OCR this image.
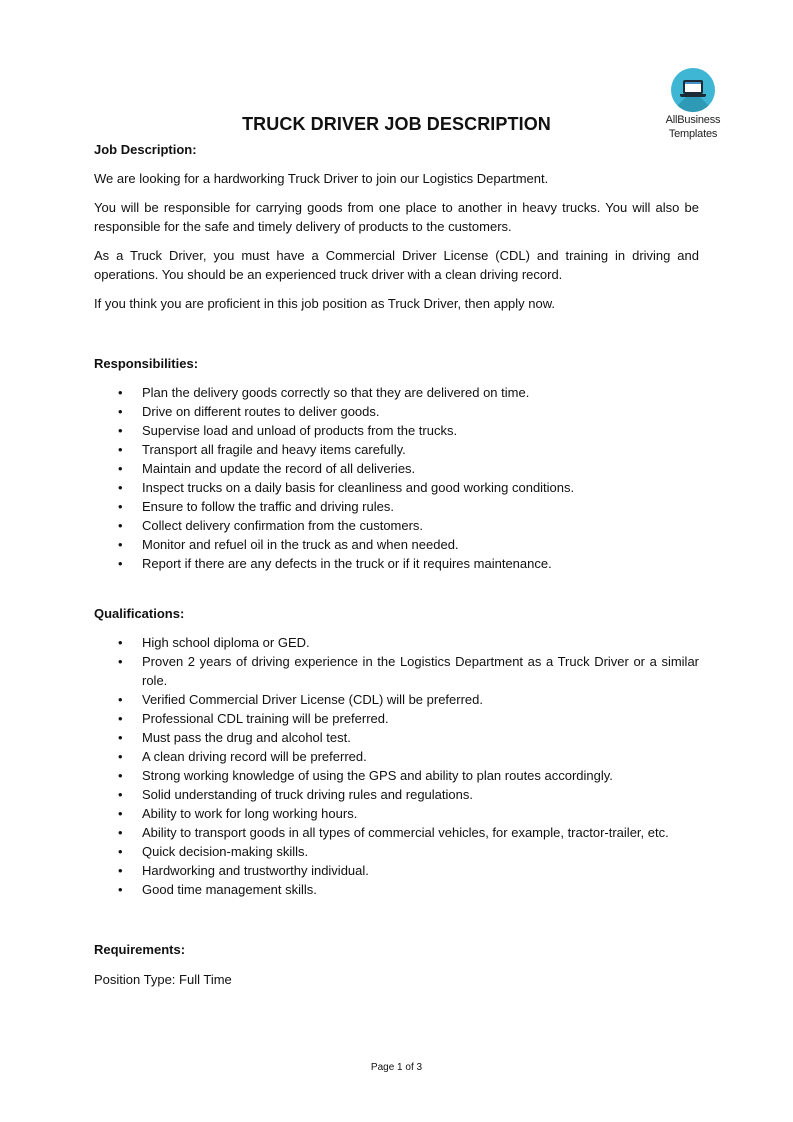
AllBusiness
Templates
TRUCK DRIVER JOB DESCRIPTION

Job Description:

We are looking for a hardworking Truck Driver to join our Logistics Department.

You will be responsible for carrying goods from one place to another in heavy trucks. You will also be responsible for the safe and timely delivery of products to the customers.

As a Truck Driver, you must have a Commercial Driver License (CDL) and training in driving and operations. You should be an experienced truck driver with a clean driving record.

If you think you are proficient in this job position as Truck Driver, then apply now.

Responsibilities:

• Plan the delivery goods correctly so that they are delivered on time.
• Drive on different routes to deliver goods.
• Supervise load and unload of products from the trucks.
• Transport all fragile and heavy items carefully.
• Maintain and update the record of all deliveries.
• Inspect trucks on a daily basis for cleanliness and good working conditions.
• Ensure to follow the traffic and driving rules.
• Collect delivery confirmation from the customers.
• Monitor and refuel oil in the truck as and when needed.
• Report if there are any defects in the truck or if it requires maintenance.

Qualifications:

• High school diploma or GED.
• Proven 2 years of driving experience in the Logistics Department as a Truck Driver or a similar role.
• Verified Commercial Driver License (CDL) will be preferred.
• Professional CDL training will be preferred.
• Must pass the drug and alcohol test.
• A clean driving record will be preferred.
• Strong working knowledge of using the GPS and ability to plan routes accordingly.
• Solid understanding of truck driving rules and regulations.
• Ability to work for long working hours.
• Ability to transport goods in all types of commercial vehicles, for example, tractor-trailer, etc.
• Quick decision-making skills.
• Hardworking and trustworthy individual.
• Good time management skills.

Requirements:

Position Type: Full Time

Page 1 of 3
